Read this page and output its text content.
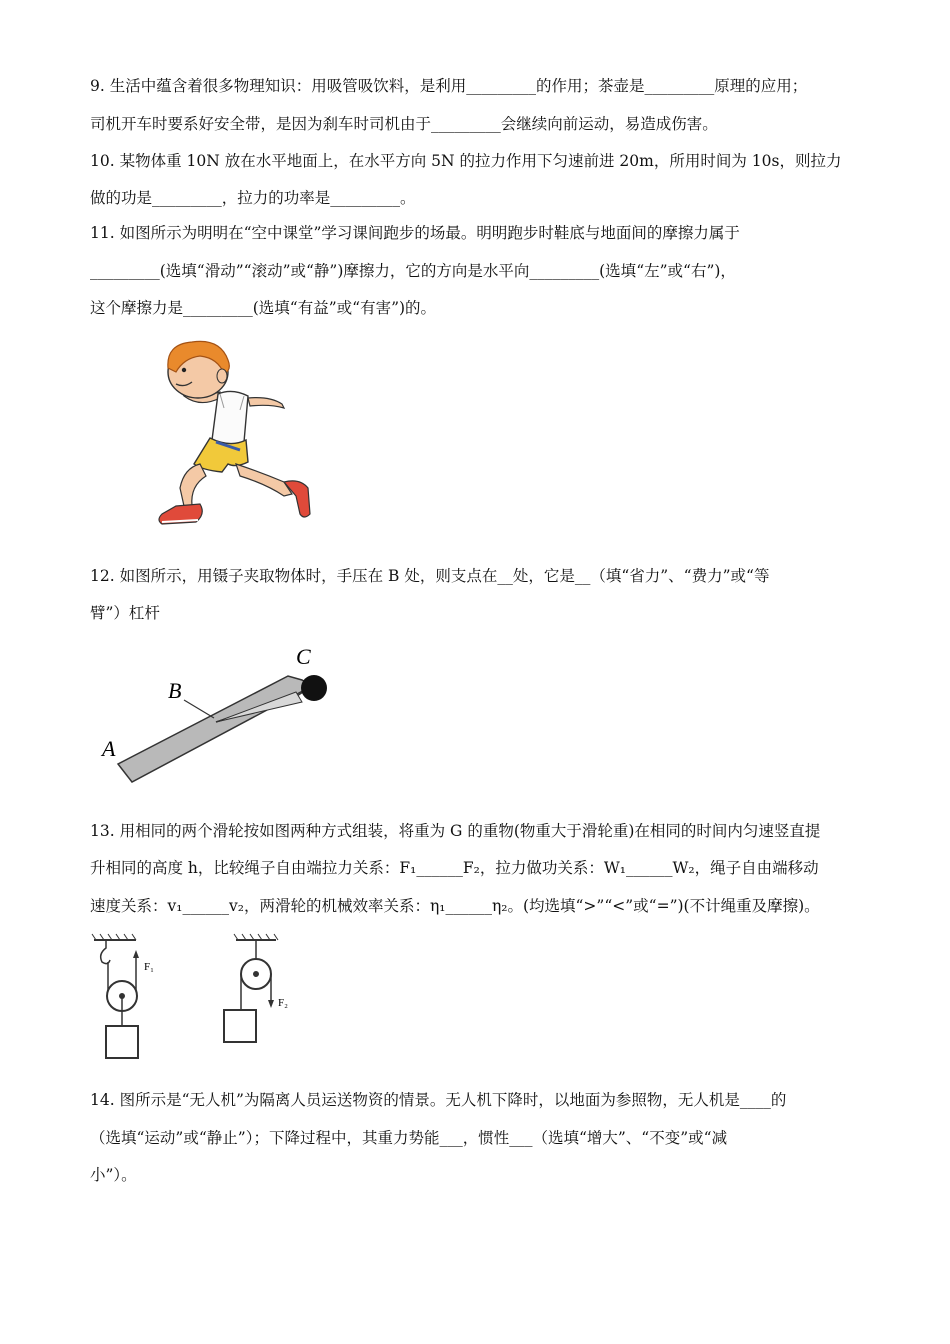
9. 生活中蕴含着很多物理知识：用吸管吸饮料，是利用_________的作用；茶壶是_________原理的应用；
司机开车时要系好安全带，是因为刹车时司机由于_________会继续向前运动，易造成伤害。
10. 某物体重 10N 放在水平地面上，在水平方向 5N 的拉力作用下匀速前进 20m，所用时间为 10s，则拉力
做的功是_________，拉力的功率是_________。
11. 如图所示为明明在“空中课堂”学习课间跑步的场最。明明跑步时鞋底与地面间的摩擦力属于
_________(选填“滑动”“滚动”或“静”)摩擦力，它的方向是水平向_________(选填“左”或“右”)，
这个摩擦力是_________(选填“有益”或“有害”)的。
12. 如图所示，用镊子夹取物体时，手压在 B 处，则支点在__处，它是__（填“省力”、“费力”或“等
臂”）杠杆
A
B
C
13. 用相同的两个滑轮按如图两种方式组装，将重为 G 的重物(物重大于滑轮重)在相同的时间内匀速竖直提
升相同的高度 h，比较绳子自由端拉力关系：F₁______F₂，拉力做功关系：W₁______W₂，绳子自由端移动
速度关系：v₁______v₂，两滑轮的机械效率关系：η₁______η₂。(均选填“>”“<”或“=”)(不计绳重及摩擦)。
F₁
F₂
14. 图所示是“无人机”为隔离人员运送物资的情景。无人机下降时，以地面为参照物，无人机是____的
（选填“运动”或“静止”）；下降过程中，其重力势能___，惯性___（选填“增大”、“不变”或“减
小”）。
